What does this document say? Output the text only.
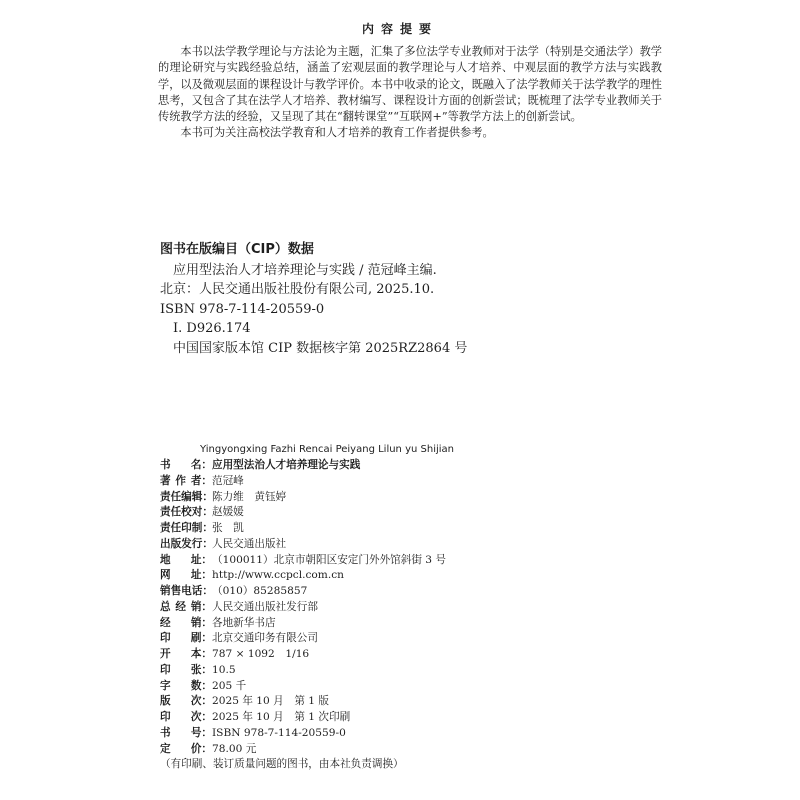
内容提要

本书以法学教学理论与方法论为主题，汇集了多位法学专业教师对于法学（特别是交通法学）教学的理论研究与实践经验总结，涵盖了宏观层面的教学理论与人才培养、中观层面的教学方法与实践教学，以及微观层面的课程设计与教学评价。本书中收录的论文，既融入了法学教师关于法学教学的理性思考，又包含了其在法学人才培养、教材编写、课程设计方面的创新尝试；既梳理了法学专业教师关于传统教学方法的经验，又呈现了其在“翻转课堂”“互联网+”等教学方法上的创新尝试。

本书可为关注高校法学教育和人才培养的教育工作者提供参考。

图书在版编目（CIP）数据
应用型法治人才培养理论与实践 / 范冠峰主编.
北京：人民交通出版社股份有限公司, 2025.10.
ISBN 978-7-114-20559-0
Ⅰ. D926.174
中国国家版本馆 CIP 数据核字第 2025RZ2864 号
Yingyongxing Fazhi Rencai Peiyang Lilun yu Shijian
书 名： 应用型法治人才培养理论与实践
著 作 者： 范冠峰
责任编辑： 陈力维　黄钰婷
责任校对： 赵媛媛
责任印制： 张　凯
出版发行： 人民交通出版社
地 址： （100011）北京市朝阳区安定门外外馆斜街 3 号
网 址： http://www.ccpcl.com.cn
销售电话： （010）85285857
总 经 销： 人民交通出版社发行部
经 销： 各地新华书店
印 刷： 北京交通印务有限公司
开 本： 787 × 1092　1/16
印 张： 10.5
字 数： 205 千
版 次： 2025 年 10 月　第 1 版
印 次： 2025 年 10 月　第 1 次印刷
书 号： ISBN 978-7-114-20559-0
定 价： 78.00 元
（有印刷、装订质量问题的图书，由本社负责调换）
